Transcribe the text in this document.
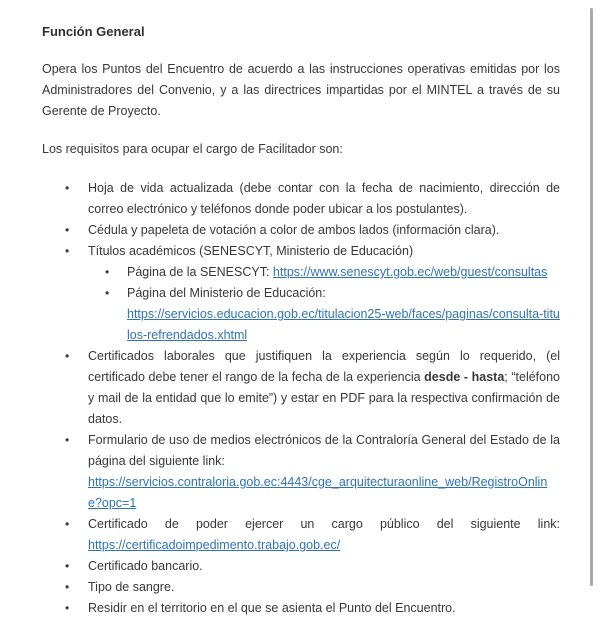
Función General

Opera los Puntos del Encuentro de acuerdo a las instrucciones operativas emitidas por los Administradores del Convenio, y a las directrices impartidas por el MINTEL a través de su Gerente de Proyecto.

Los requisitos para ocupar el cargo de Facilitador son:

• Hoja de vida actualizada (debe contar con la fecha de nacimiento, dirección de correo electrónico y teléfonos donde poder ubicar a los postulantes).
• Cédula y papeleta de votación a color de ambos lados (información clara).
• Títulos académicos (SENESCYT, Ministerio de Educación)
• Página de la SENESCYT: https://www.senescyt.gob.ec/web/guest/consultas
• Página del Ministerio de Educación:
https://servicios.educacion.gob.ec/titulacion25-web/faces/paginas/consulta-titulos-refrendados.xhtml
• Certificados laborales que justifiquen la experiencia según lo requerido, (el certificado debe tener el rango de la fecha de la experiencia desde - hasta; “teléfono y mail de la entidad que lo emite”) y estar en PDF para la respectiva confirmación de datos.
• Formulario de uso de medios electrónicos de la Contraloría General del Estado de la página del siguiente link:
https://servicios.contraloria.gob.ec:4443/cge_arquitecturaonline_web/RegistroOnline?opc=1
• Certificado de poder ejercer un cargo público del siguiente link:
https://certificadoimpedimento.trabajo.gob.ec/
• Certificado bancario.
• Tipo de sangre.
• Residir en el territorio en el que se asienta el Punto del Encuentro.
